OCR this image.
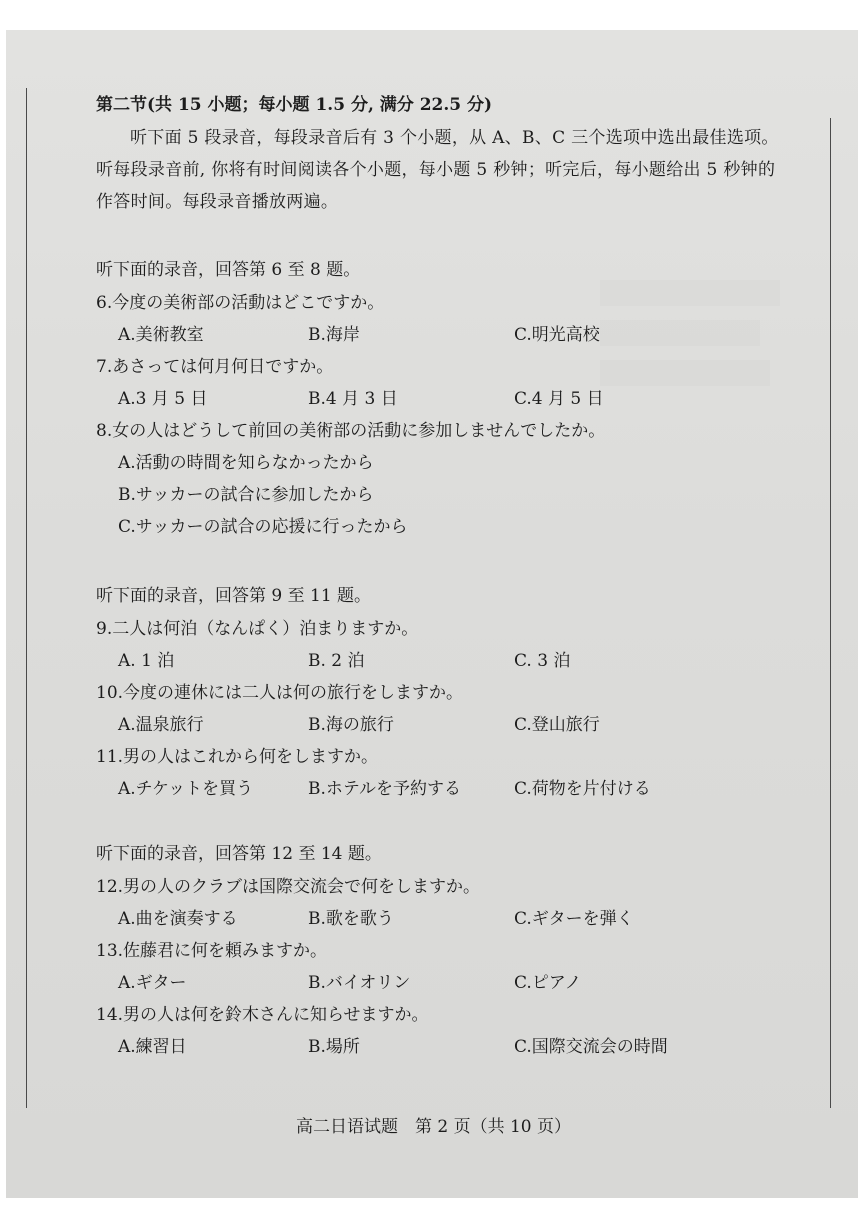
第二节(共 15 小题；每小题 1.5 分, 满分 22.5 分)
听下面 5 段录音，每段录音后有 3 个小题，从 A、B、C 三个选项中选出最佳选项。听每段录音前, 你将有时间阅读各个小题，每小题 5 秒钟；听完后，每小题给出 5 秒钟的作答时间。每段录音播放两遍。
听下面的录音，回答第 6 至 8 题。
6.今度の美術部の活動はどこですか。
A.美術教室	B.海岸	C.明光高校
7.あさっては何月何日ですか。
A.3 月 5 日	B.4 月 3 日	C.4 月 5 日
8.女の人はどうして前回の美術部の活動に参加しませんでしたか。
A.活動の時間を知らなかったから
B.サッカーの試合に参加したから
C.サッカーの試合の応援に行ったから
听下面的录音，回答第 9 至 11 题。
9.二人は何泊（なんぱく）泊まりますか。
A. 1 泊	B. 2 泊	C. 3 泊
10.今度の連休には二人は何の旅行をしますか。
A.温泉旅行	B.海の旅行	C.登山旅行
11.男の人はこれから何をしますか。
A.チケットを買う	B.ホテルを予約する	C.荷物を片付ける
听下面的录音，回答第 12 至 14 题。
12.男の人のクラブは国際交流会で何をしますか。
A.曲を演奏する	B.歌を歌う	C.ギターを弾く
13.佐藤君に何を頼みますか。
A.ギター	B.バイオリン	C.ピアノ
14.男の人は何を鈴木さんに知らせますか。
A.練習日	B.場所	C.国際交流会の時間
高二日语试题　第 2 页（共 10 页）
